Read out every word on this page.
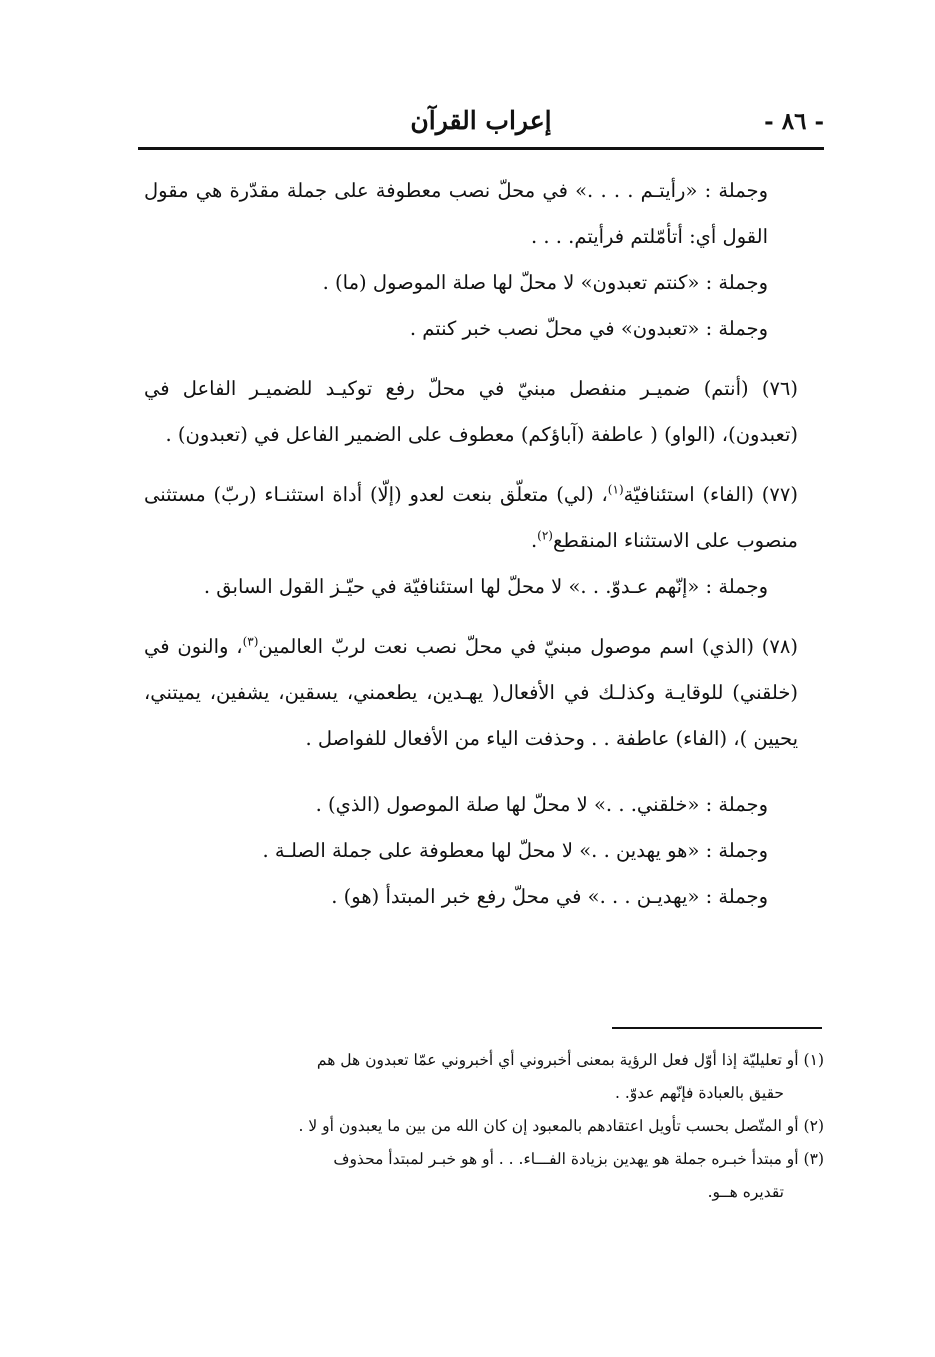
إعراب القرآن	- ٨٦ -

وجملة : «رأيتـم . . . .» في محلّ نصب معطوفة على جملة مقدّرة هي مقول القول أي: أتأمّلتم فرأيتم. . . .

وجملة : «كنتم تعبدون» لا محلّ لها صلة الموصول (ما) .

وجملة : «تعبدون» في محلّ نصب خبر كنتم .

(٧٦) (أنتم) ضميـر منفصل مبنيّ في محلّ رفع توكيـد للضميـر الفاعل في (تعبدون)، (الواو) ( عاطفة (آباؤكم) معطوف على الضمير الفاعل في (تعبدون) .

(٧٧) (الفاء) استئنافيّة$^{(١)}$، (لي) متعلّق بنعت لعدو (إلّا) أداة استثنـاء (ربّ) مستثنى منصوب على الاستثناء المنقطع$^{(٢)}$.

وجملة : «إنّهم عـدوّ. . .» لا محلّ لها استئنافيّة في حيّـز القول السابق .

(٧٨) (الذي) اسم موصول مبنيّ في محلّ نصب نعت لربّ العالمين$^{(٣)}$، والنون في (خلقني) للوقايـة وكذلـك في الأفعال( يهـدين، يطعمني، يسقين، يشفين، يميتني، يحيين )، (الفاء) عاطفة . . وحذفت الياء من الأفعال للفواصل .

وجملة : «خلقني. . .» لا محلّ لها صلة الموصول (الذي) .

وجملة : «هو يهدين . .» لا محلّ لها معطوفة على جملة الصلـة .

وجملة : «يهديـن . . .» في محلّ رفع خبر المبتدأ (هو) .

(١) أو تعليليّة إذا أوّل فعل الرؤية بمعنى أخبروني أي أخبروني عمّا تعبدون هل هم
حقيق بالعبادة فإنّهم عدوّ. .

(٢) أو المتّصل بحسب تأويل اعتقادهم بالمعبود إن كان الله من بين ما يعبدون أو لا .

(٣) أو مبتدأ خبـره جملة هو يهدين بزيادة الفـــاء. . . أو هو خبـر لمبتدأ محذوف
تقديره هــو.
